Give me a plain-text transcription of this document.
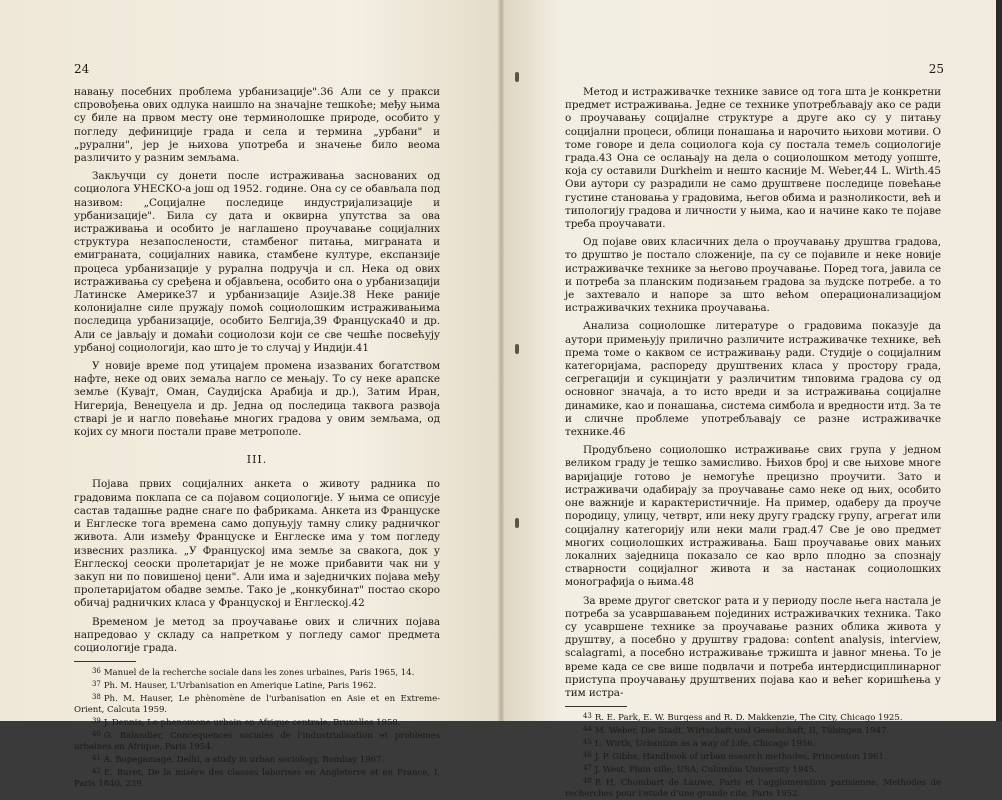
24

навању посебних проблема урбанизације".36 Али се у пракси спровођења ових одлука наишло на значајне тешкоће; међу њима су биле на првом месту оне терминолошке природе, особито у погледу дефиниције града и села и термина „урбани" и „рурални", јер је њихова употреба и значење било веома различито у разним земљама.

Закључци су донети после истраживања заснованих од социолога УНЕСКО-а још од 1952. године. Она су се обављала под називом: „Социјалне последице индустријализације и урбанизације". Била су дата и оквирна упутства за ова истраживања и особито је наглашено проучавање социјалних структура незапослености, стамбеног питања, миграната и емиграната, социјалних навика, стамбене културе, експанзије процеса урбанизације у рурална подручја и сл. Нека од ових истраживања су сређена и објављена, особито она о урбанизацији Латинске Америке37 и урбанизације Азије.38 Неке раније колонијалне силе пружају помоћ социолошким истраживањима последица урбанизације, особито Белгија,39 Француска40 и др. Али се јављају и домаћи социолози који се све чешће посвећују урбаној социологији, као што је то случај у Индији.41

У новије време под утицајем промена изазваних богатством нафте, неке од ових земаља нагло се мењају. То су неке арапске земље (Кувајт, Оман, Саудијска Арабија и др.), Затим Иран, Нигерија, Венецуела и др. Једна од последица таквога развоја стварі је и нагло повећање многих градова у овим земљама, од којих су многи постали праве метрополе.

III.

Појава првих социјалних анкета о животу радника по градовима поклапа се са појавом социологије. У њима се описује састав тадашње радне снаге по фабрикама. Анкета из Француске и Енглеске тога времена само допуњују тамну слику радничког живота. Али између Француске и Енглеске има у том погледу извесних разлика. „У Француској има земље за свакога, док у Енглеској сеоски пролетаријат је не може прибавити чак ни у закуп ни по повишеној цени". Али има и заједничких појава међу пролетаријатом обадве земље. Тако је „конкубинат" постао скоро обичај радничких класа у Француској и Енглеској.42

Временом је метод за проучавање ових и сличних појава напредовао у складу са напретком у погледу самог предмета социологије града.

$^{36}$ Manuel de la recherche sociale dans les zones urbaines, Paris 1965, 14.
$^{37}$ Ph. M. Hauser, L'Urbanisation en Amerique Latine, Paris 1962.
$^{38}$ Ph. M. Hauser, Le phènomène de l'urbanisation en Asie et en Extreme-Orient, Calcuta 1959.
$^{39}$ J. Dennis, Le phenomene urbain en Afrique centrale, Bruxelles 1958.
$^{40}$ G. Balandier, Concequences sociales de l'industrialisation et problemes urbaines en Afrique, Paris 1954.
$^{41}$ A. Bopegamage, Delhi, a study in urban sociology, Bombay 1967.
$^{42}$ E. Buret, De la misère des classes laborises en Angleterre et en France, I, Paris 1840, 239.
25

Метод и истраживачке технике зависе од тога шта је конкретни предмет истраживања. Једне се технике употребљавају ако се ради о проучавању социјалне структуре а друге ако су у питању социјални процеси, облици понашања и нарочито њихови мотиви. О томе говоре и дела социолога која су постала темељ социологије града.43 Она се ослањају на дела о социолошком методу уопште, која су оставили Durkheim и нешто касније M. Weber,44 L. Wirth.45 Ови аутори су разрадили не само друштвене последице повећање густине становања у градовима, његов обима и разноликости, већ и типологију градова и личности у њима, као и начине како те појаве треба проучавати.

Од појаве ових класичних дела о проучавању друштва градова, то друштво је постало сложеније, па су се појавиле и неке новије истраживачке технике за његово проучавање. Поред тога, јавила се и потреба за планским подизањем градова за људске потребе. а то је захтевало и напоре за што већом операционализацијом истраживачких техника проучавања.

Анализа социолошке литературе о градовима показује да аутори примењују прилично различите истраживачке технике, већ према томе о каквом се истраживању ради. Студије о социјалним категоријама, распореду друштвених класа у простору града, сегрегацији и сукцинјати у различитим типовима градова су од основног значаја, а то исто вреди и за истраживања социјалне динамике, као и понашања, система симбола и вредности итд. За те и сличне проблеме употребљавају се разне истраживачке технике.46

Продубљено социолошко истраживање свих група у једном великом граду је тешко замисливо. Њихов број и све њихове многе варијације готово је немогуће прецизно проучити. Зато и истраживачи одабирају за проучавање само неке од њих, особито оне важније и карактеристичније. На пример, одаберу да проуче породицу, улицу, четврт, или неку другу градску групу, агрегат или социјалну категорију или неки мали град.47 Све је ово предмет многих социолошких истраживања. Баш проучавање ових мањих локалних заједница показало се као врло плодно за спознају стварности социјалног живота и за настанак социолошких монографија о њима.48

За време другог светског рата и у периоду после њега настала је потреба за усавршавањем појединих истраживачких техника. Тако су усавршене технике за проучавање разних облика живота у друштву, а посебно у друштву градова: content analysis, interview, scalagrami, а посебно истраживање тржишта и јавног мнења. То је време када се све више подвлачи и потреба интердисциплинарног приступа проучавању друштвених појава као и већег коришћења у тим истра-

$^{43}$ R. E. Park, E. W. Burgess and R. D. Makkenzie, The City, Chicago 1925.
$^{44}$ M. Weber, Die Stadt, Wirtschaft und Geselschaft, II, Tübingen 1947.
$^{45}$ L. Wirth, Urbanizm as a way of Life, Chicago 1956.
$^{46}$ J. P. Gibbs, Handbook of urban esearch methades, Princenton 1961.
$^{47}$ J. West, Plain ville, USA, Columbia University 1945.
$^{48}$ P. H. Chombart de Lauwe, Paris et l'agglomeration parisienne, Methodes de recherches pour l'etude d'une grande cite, Paris 1952.
